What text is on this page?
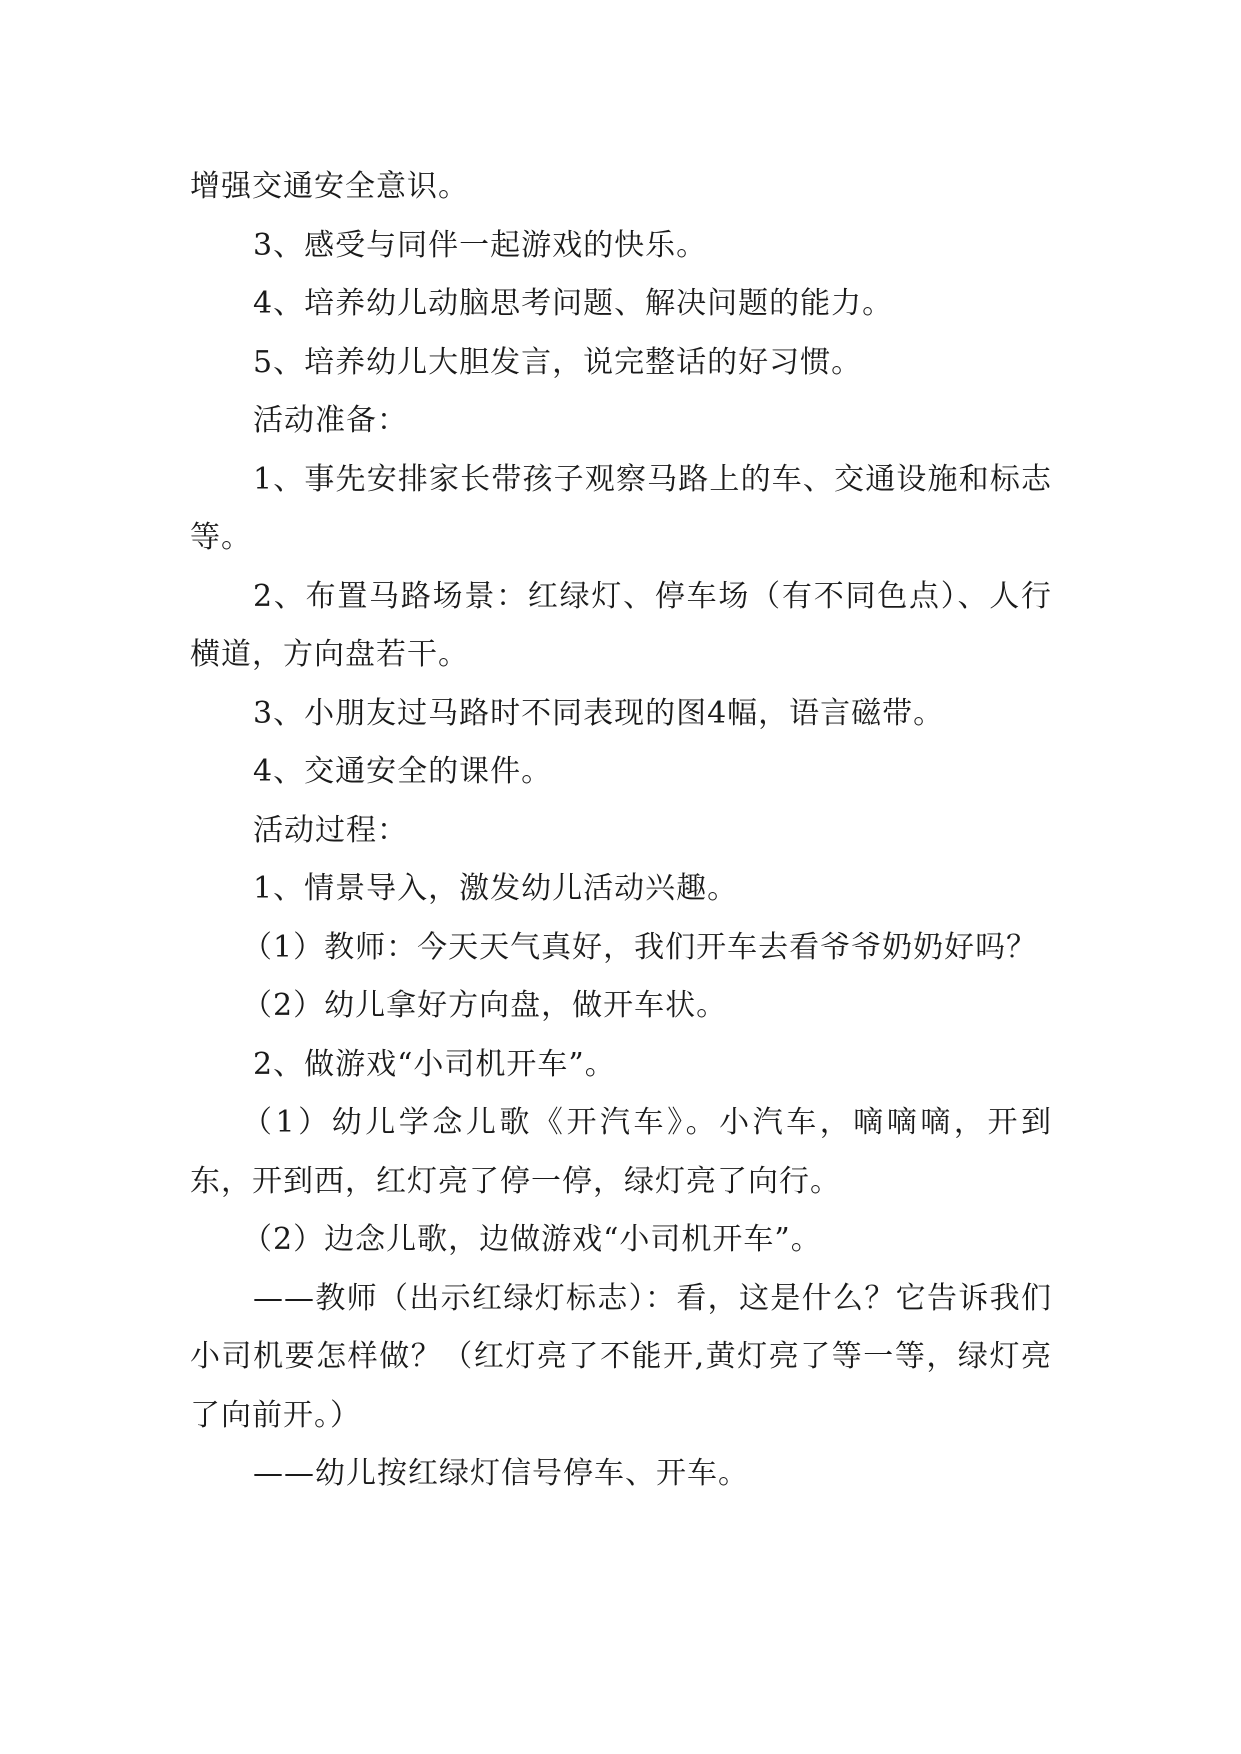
增强交通安全意识。

3、感受与同伴一起游戏的快乐。

4、培养幼儿动脑思考问题、解决问题的能力。

5、培养幼儿大胆发言，说完整话的好习惯。

活动准备：

1、事先安排家长带孩子观察马路上的车、交通设施和标志等。

2、布置马路场景：红绿灯、停车场（有不同色点）、人行横道，方向盘若干。

3、小朋友过马路时不同表现的图4幅，语言磁带。

4、交通安全的课件。

活动过程：

1、情景导入，激发幼儿活动兴趣。

（1）教师：今天天气真好，我们开车去看爷爷奶奶好吗？

（2）幼儿拿好方向盘，做开车状。

2、做游戏“小司机开车”。

（1）幼儿学念儿歌《开汽车》。小汽车，嘀嘀嘀，开到东，开到西，红灯亮了停一停，绿灯亮了向行。

（2）边念儿歌，边做游戏“小司机开车”。

——教师（出示红绿灯标志）：看，这是什么？它告诉我们小司机要怎样做？（红灯亮了不能开,黄灯亮了等一等，绿灯亮了向前开。）

——幼儿按红绿灯信号停车、开车。
